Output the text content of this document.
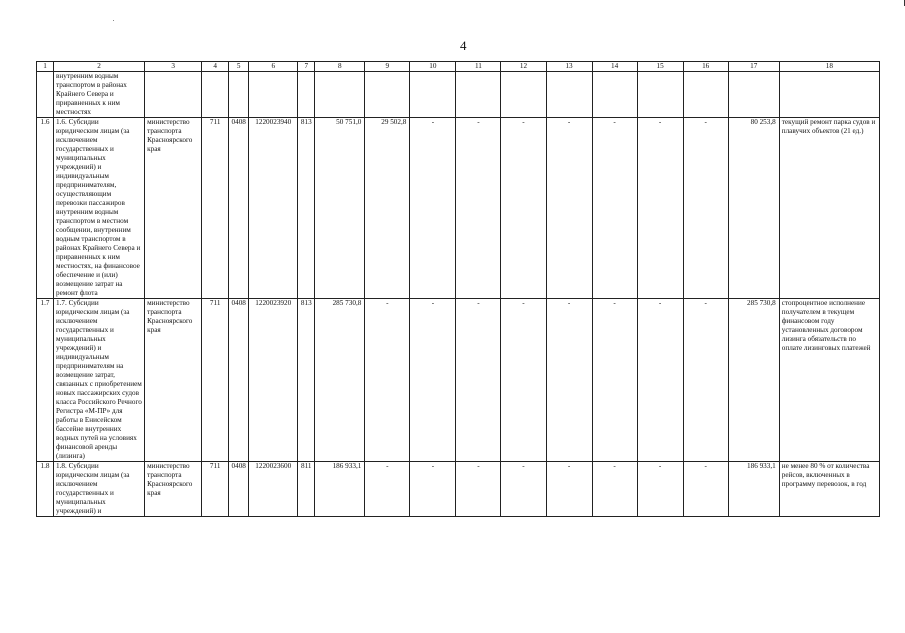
4
1	2	3	4	5	6	7	8	9	10	11	12	13	14	15	16	17	18
	внутренним водным транспортом в районах Крайнего Севера и приравненных к ним местностях																
1.6	1.6. Субсидии юридическим лицам (за исключением государственных и муниципальных учреждений) и индивидуальным предпринимателям, осуществляющим перевозки пассажиров внутренним водным транспортом в местном сообщении, внутренним водным транспортом в районах Крайнего Севера и приравненных к ним местностях, на финансовое обеспечение и (или) возмещение затрат на ремонт флота	министерство транспорта Красноярского края	711	0408	1220023940	813	50 751,0	29 502,8	-	-	-	-	-	-	-	80 253,8	текущий ремонт парка судов и плавучих объектов (21 ед.)
1.7	1.7. Субсидии юридическим лицам (за исключением государственных и муниципальных учреждений) и индивидуальным предпринимателям на возмещение затрат, связанных с приобретением новых пассажирских судов класса Российского Речного Регистра «М-ПР» для работы в Енисейском бассейне внутренних водных путей на условиях финансовой аренды (лизинга)	министерство транспорта Красноярского края	711	0408	1220023920	813	285 730,8	-	-	-	-	-	-	-	-	285 730,8	стопроцентное исполнение получателем в текущем финансовом году установленных договором лизинга обязательств по оплате лизинговых платежей
1.8	1.8. Субсидии юридическим лицам (за исключением государственных и муниципальных учреждений) и	министерство транспорта Красноярского края	711	0408	1220023600	811	186 933,1	-	-	-	-	-	-	-	-	186 933,1	не менее 80 % от количества рейсов, включенных в программу перевозок, в год
